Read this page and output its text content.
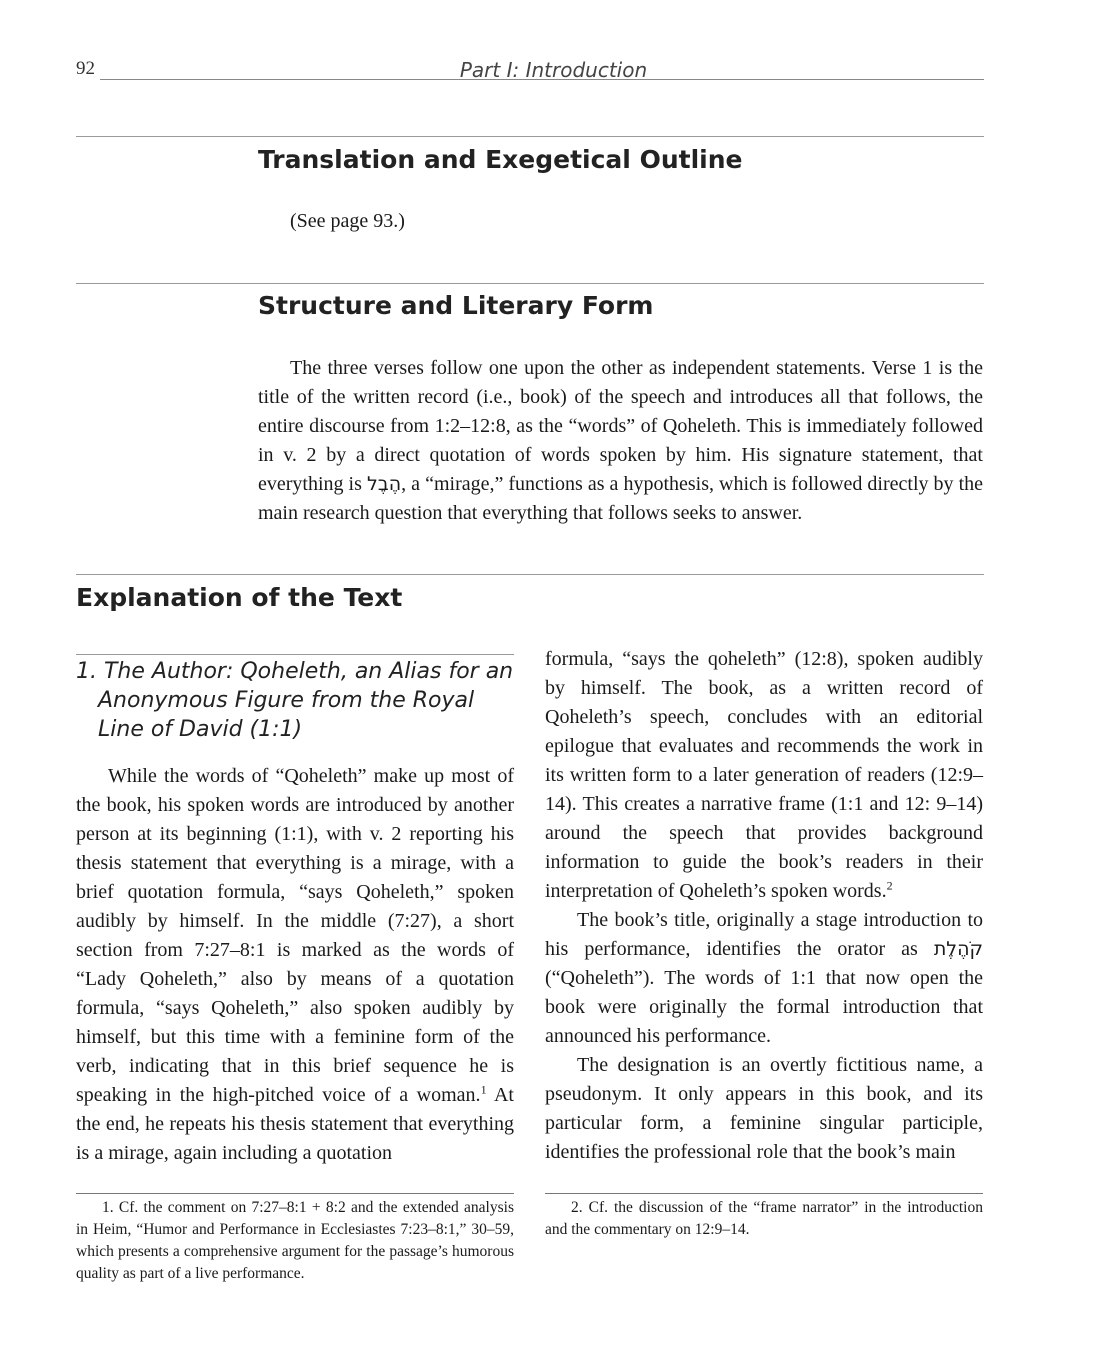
92	Part I: Introduction
Translation and Exegetical Outline
(See page 93.)
Structure and Literary Form

The three verses follow one upon the other as independent statements. Verse 1 is the title of the written record (i.e., book) of the speech and introduces all that follows, the entire discourse from 1:2–12:8, as the “words” of Qoheleth. This is immediately followed in v. 2 by a direct quotation of words spoken by him. His signature statement, that everything is הֶבֶל, a “mirage,” functions as a hypothesis, which is followed directly by the main research question that everything that follows seeks to answer.

Explanation of the Text
1. The Author: Qoheleth, an Alias for an Anonymous Figure from the Royal Line of David (1:1)

While the words of “Qoheleth” make up most of the book, his spoken words are introduced by another person at its beginning (1:1), with v. 2 reporting his thesis statement that everything is a mirage, with a brief quotation formula, “says Qoheleth,” spoken audibly by himself. In the middle (7:27), a short section from 7:27–8:1 is marked as the words of “Lady Qoheleth,” also by means of a quotation formula, “says Qoheleth,” also spoken audibly by himself, but this time with a feminine form of the verb, indicating that in this brief sequence he is speaking in the high-pitched voice of a woman.$^1$ At the end, he repeats his thesis statement that everything is a mirage, again including a quotation

formula, “says the qoheleth” (12:8), spoken audibly by himself. The book, as a written record of Qoheleth’s speech, concludes with an editorial epilogue that evaluates and recommends the work in its written form to a later generation of readers (12:9–14). This creates a narrative frame (1:1 and 12: 9–14) around the speech that provides background information to guide the book’s readers in their interpretation of Qoheleth’s spoken words.$^2$

The book’s title, originally a stage introduction to his performance, identifies the orator as קֹהֶלֶת (“Qoheleth”). The words of 1:1 that now open the book were originally the formal introduction that announced his performance.

The designation is an overtly fictitious name, a pseudonym. It only appears in this book, and its particular form, a feminine singular participle, identifies the professional role that the book’s main

1. Cf. the comment on 7:27–8:1 + 8:2 and the extended analysis in Heim, “Humor and Performance in Ecclesiastes 7:23–8:1,” 30–59, which presents a comprehensive argument for the passage’s humorous quality as part of a live performance.

2. Cf. the discussion of the “frame narrator” in the introduction and the commentary on 12:9–14.
